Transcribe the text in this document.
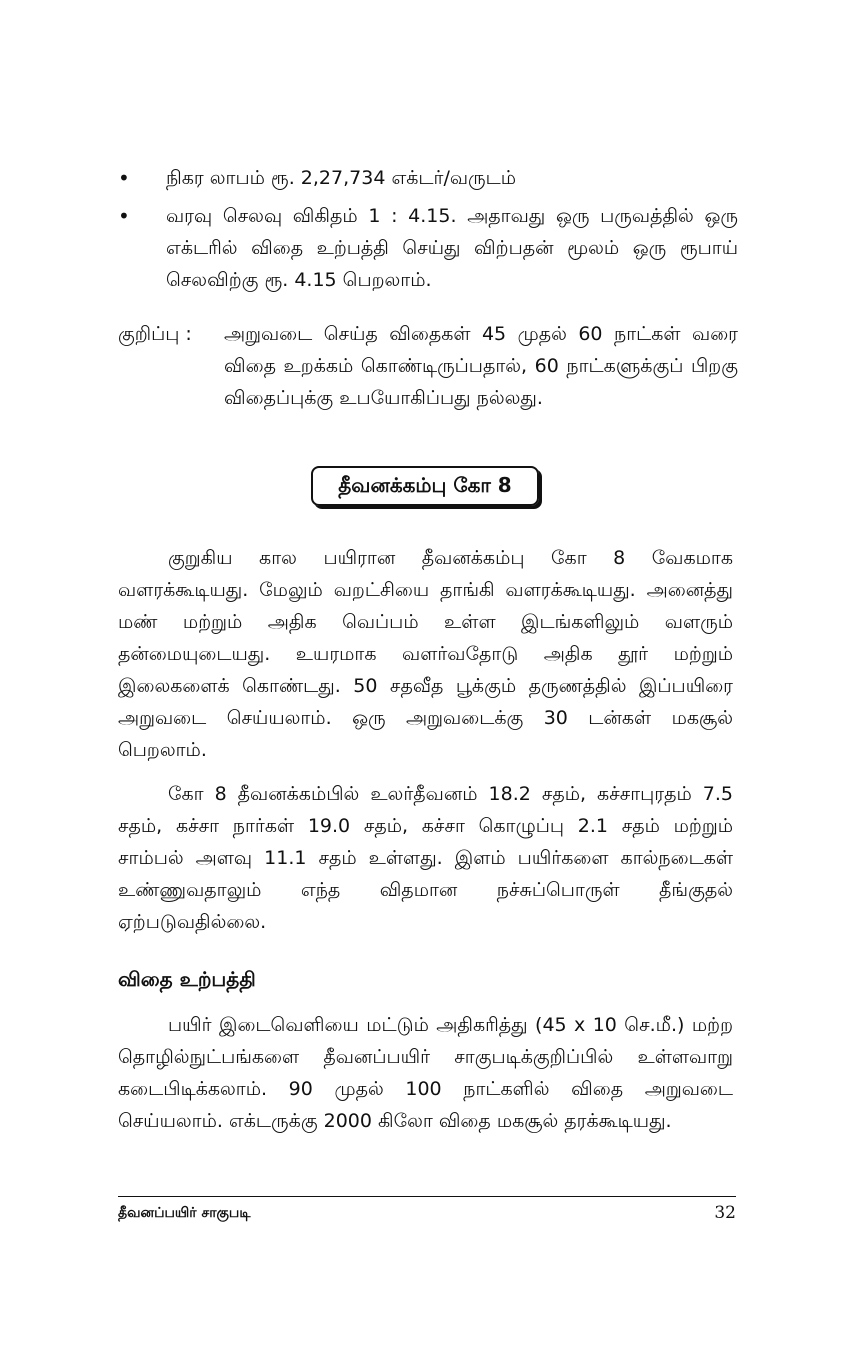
•	நிகர லாபம் ரூ. 2,27,734 எக்டர்/வருடம்
•	வரவு செலவு விகிதம் 1 : 4.15. அதாவது ஒரு பருவத்தில் ஒரு எக்டரில் விதை உற்பத்தி செய்து விற்பதன் மூலம் ஒரு ரூபாய் செலவிற்கு ரூ. 4.15 பெறலாம்.
குறிப்பு :	அறுவடை செய்த விதைகள் 45 முதல் 60 நாட்கள் வரை விதை உறக்கம் கொண்டிருப்பதால், 60 நாட்களுக்குப் பிறகு விதைப்புக்கு உபயோகிப்பது நல்லது.
தீவனக்கம்பு கோ 8

குறுகிய கால பயிரான தீவனக்கம்பு கோ 8 வேகமாக வளரக்கூடியது. மேலும் வறட்சியை தாங்கி வளரக்கூடியது. அனைத்து மண் மற்றும் அதிக வெப்பம் உள்ள இடங்களிலும் வளரும் தன்மையுடையது. உயரமாக வளர்வதோடு அதிக தூர் மற்றும் இலைகளைக் கொண்டது. 50 சதவீத பூக்கும் தருணத்தில் இப்பயிரை அறுவடை செய்யலாம். ஒரு அறுவடைக்கு 30 டன்கள் மகசூல் பெறலாம்.

கோ 8 தீவனக்கம்பில் உலர்தீவனம் 18.2 சதம், கச்சாபுரதம் 7.5 சதம், கச்சா நார்கள் 19.0 சதம், கச்சா கொழுப்பு 2.1 சதம் மற்றும் சாம்பல் அளவு 11.1 சதம் உள்ளது. இளம் பயிர்களை கால்நடைகள் உண்ணுவதாலும் எந்த விதமான நச்சுப்பொருள் தீங்குதல் ஏற்படுவதில்லை.

விதை உற்பத்தி

பயிர் இடைவெளியை மட்டும் அதிகரித்து (45 x 10 செ.மீ.) மற்ற தொழில்நுட்பங்களை தீவனப்பயிர் சாகுபடிக்குறிப்பில் உள்ளவாறு கடைபிடிக்கலாம். 90 முதல் 100 நாட்களில் விதை அறுவடை செய்யலாம். எக்டருக்கு 2000 கிலோ விதை மகசூல் தரக்கூடியது.

தீவனப்பயிர் சாகுபடி	32
